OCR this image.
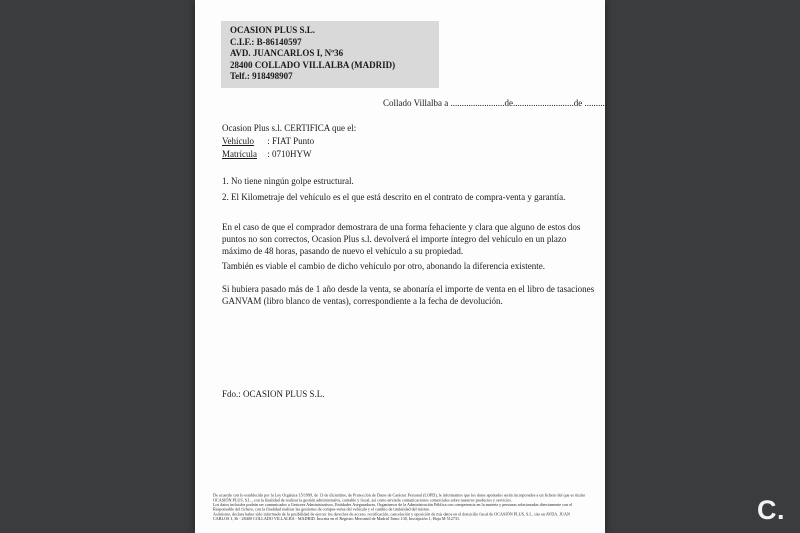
OCASION PLUS S.L.
C.I.F.: B-86140597
AVD. JUANCARLOS I, Nº36
28400 COLLADO VILLALBA (MADRID)
Telf.: 918498907
Collado Villalba a ........................de...........................de ..........
Ocasion Plus s.l. CERTIFICA que el:
Vehículo : FIAT Punto
Matrícula : 0710HYW
1. No tiene ningún golpe estructural.
2. El Kilometraje del vehículo es el que está descrito en el contrato de compra-venta y garantía.
En el caso de que el comprador demostrara de una forma fehaciente y clara que alguno de estos dos puntos no son correctos, Ocasion Plus s.l. devolverá el importe íntegro del vehículo en un plazo máximo de 48 horas, pasando de nuevo el vehículo a su propiedad.
También es viable el cambio de dicho vehículo por otro, abonando la diferencia existente.
Si hubiera pasado más de 1 año desde la venta, se abonaría el importe de venta en el libro de tasaciones GANVAM (libro blanco de ventas), correspondiente a la fecha de devolución.
Fdo.: OCASION PLUS S.L.
De acuerdo con lo establecido por la Ley Orgánica 15/1999, de 13 de diciembre, de Protección de Datos de Carácter Personal (LOPD), le informamos que los datos aportados serán incorporados a un fichero del que es titular
OCASIÓN PLUS, S.L., con la finalidad de realizar la gestión administrativa, contable y fiscal, así como enviarle comunicaciones comerciales sobre nuestros productos y servicios.
Los datos incluidos podrán ser comunicados a Gestores Administrativos, Entidades Aseguradoras, Organismos de la Administración Pública con competencia en la materia y personas relacionadas directamente con el
Responsable del fichero, con la finalidad realizar las gestiones de compra-venta del vehículo y el cambio de titularidad del mismo.
Asimismo, declara haber sido informado de la posibilidad de ejercer los derechos de acceso, rectificación, cancelación y oposición de mis datos en el domicilio fiscal de OCASIÓN PLUS, S.L. sito en AVDA. JUAN
CARLOS I, 36 - 28400 COLLADO VILLALBA - MADRID. Inscrita en el Registro Mercantil de Madrid Tomo 130, Inscripción 1, Hoja M 512731.	C.
